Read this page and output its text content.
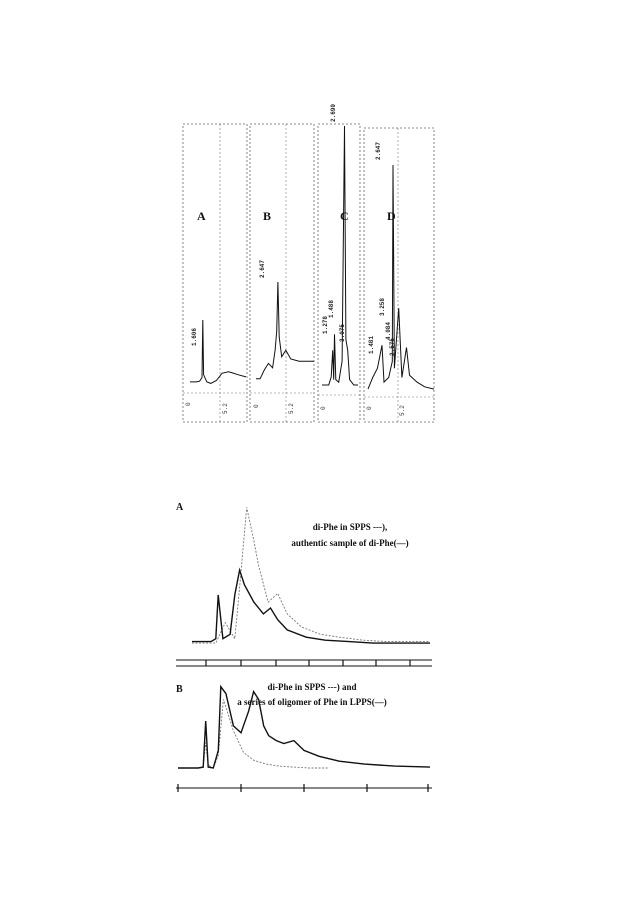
A
1.606
0	5.2
B
2.647
0	5.2
C
2.690
1.488
1.278 3.075
0
D
2.647
3.258
4.084
1.481 2.575
0	5.2
A
di-Phe in SPPS ---),
authentic sample of di-Phe(—)
B	di-Phe in SPPS ---) and
a series of oligomer of Phe in LPPS(—)
